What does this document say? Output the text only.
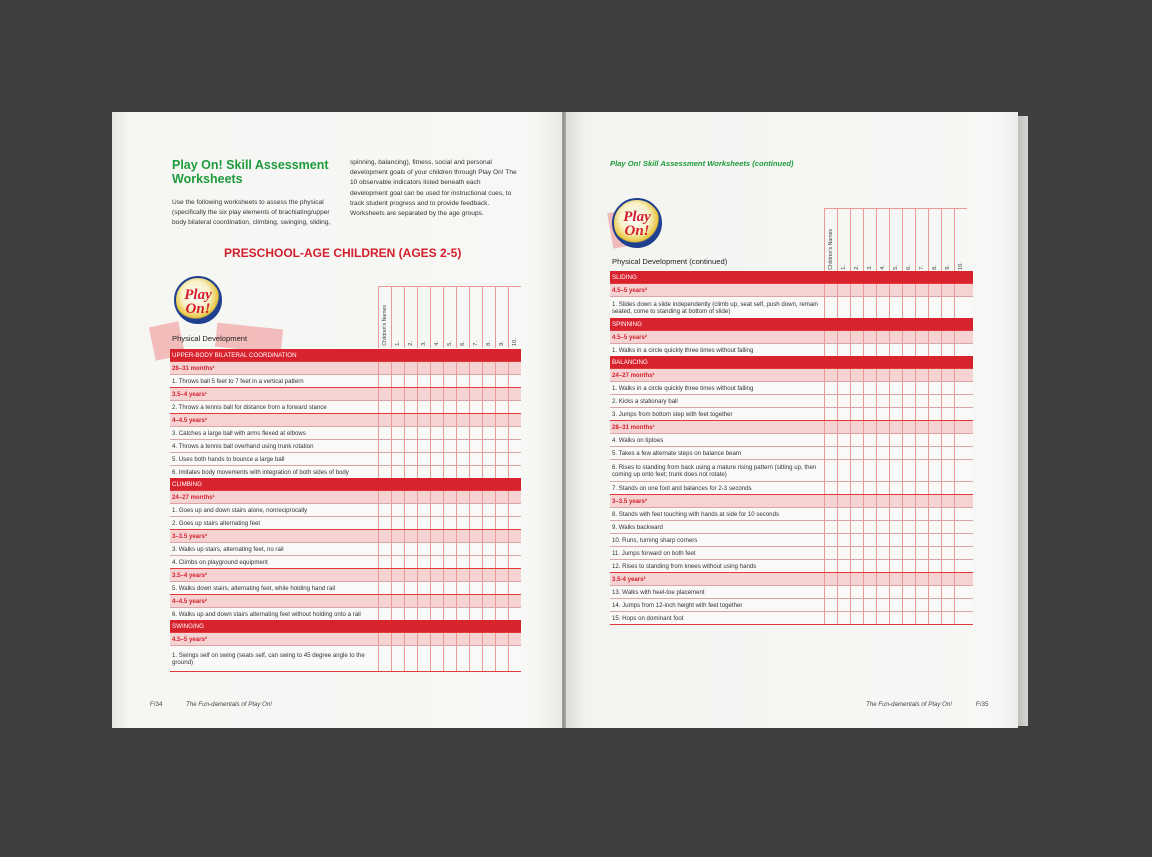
Play On! Skill Assessment Worksheets
Use the following worksheets to assess the physical (specifically the six play elements of brachiating/upper body bilateral coordination, climbing, swinging, sliding,
spinning, balancing), fitness, social and personal development goals of your children through Play On! The 10 observable indicators listed beneath each development goal can be used for instructional cues, to track student progress and to provide feedback. Worksheets are separated by the age groups.
PRESCHOOL-AGE CHILDREN (AGES 2-5)
Play On!
Physical Development	Children's Names 1. 2. 3. 4. 5. 6. 7. 8. 9. 10.
UPPER-BODY BILATERAL COORDINATION
28–31 months¹
1. Throws ball 5 feet to 7 feet in a vertical pattern
3.5–4 years¹
2. Throws a tennis ball for distance from a forward stance
4–4.5 years²
3. Catches a large ball with arms flexed at elbows
4. Throws a tennis ball overhand using trunk rotation
5. Uses both hands to bounce a large ball
6. Imitates body movements with integration of both sides of body
CLIMBING
24–27 months¹
1. Goes up and down stairs alone, nonreciprocally
2. Goes up stairs alternating feet
3–3.5 years²
3. Walks up stairs, alternating feet, no rail
4. Climbs on playground equipment
3.5–4 years²
5. Walks down stairs, alternating feet, while holding hand rail
4–4.5 years²
6. Walks up and down stairs alternating feet without holding onto a rail
SWINGING
4.5–5 years²
1. Swings self on swing (seats self, can swing to 45 degree angle to the ground)
F/34	The Fun-damentals of Play On!
Play On! Skill Assessment Worksheets (continued)
Play On!
Physical Development (continued)	Children's Names 1. 2. 3. 4. 5. 6. 7. 8. 9. 10.
SLIDING
4.5–5 years²
1. Slides down a slide independently (climb up, seat self, push down, remain seated, come to standing at bottom of slide)
SPINNING
4.5–5 years²
1. Walks in a circle quickly three times without falling
BALANCING
24–27 months¹
1. Walks in a circle quickly three times without falling
2. Kicks a stationary ball
3. Jumps from bottom step with feet together
28–31 months¹
4. Walks on tiptoes
5. Takes a few alternate steps on balance beam
6. Rises to standing from back using a mature rising pattern (sitting up, then coming up onto feet; trunk does not rotate)
7. Stands on one foot and balances for 2-3 seconds
3–3.5 years²
8. Stands with feet touching with hands at side for 10 seconds
9. Walks backward
10. Runs, turning sharp corners
11. Jumps forward on both feet
12. Rises to standing from knees without using hands
3.5-4 years²
13. Walks with heel-toe placement
14. Jumps from 12-inch height with feet together
15. Hops on dominant foot
The Fun-damentals of Play On!	F/35
